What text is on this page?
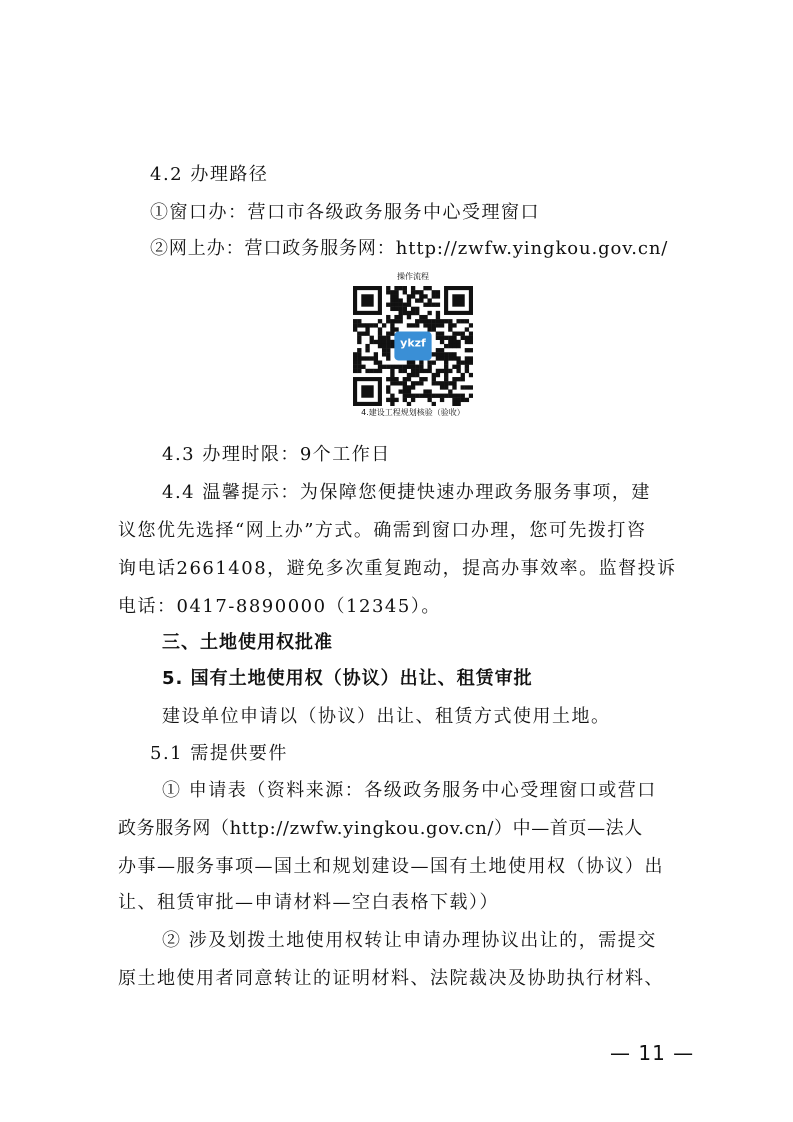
4.2 办理路径
①窗口办：营口市各级政务服务中心受理窗口
②网上办：营口政务服务网：http://zwfw.yingkou.gov.cn/
操作流程
ykzf
4.建设工程规划核验（验收）
4.3 办理时限：9个工作日
4.4 温馨提示：为保障您便捷快速办理政务服务事项，建
议您优先选择“网上办”方式。确需到窗口办理，您可先拨打咨
询电话2661408，避免多次重复跑动，提高办事效率。监督投诉
电话：0417-8890000（12345）。
三、土地使用权批准
5. 国有土地使用权（协议）出让、租赁审批
建设单位申请以（协议）出让、租赁方式使用土地。
5.1 需提供要件
① 申请表（资料来源：各级政务服务中心受理窗口或营口
政务服务网（http://zwfw.yingkou.gov.cn/）中—首页—法人
办事—服务事项—国土和规划建设—国有土地使用权（协议）出
让、租赁审批—申请材料—空白表格下载））
② 涉及划拨土地使用权转让申请办理协议出让的，需提交
原土地使用者同意转让的证明材料、法院裁决及协助执行材料、
— 11 —
